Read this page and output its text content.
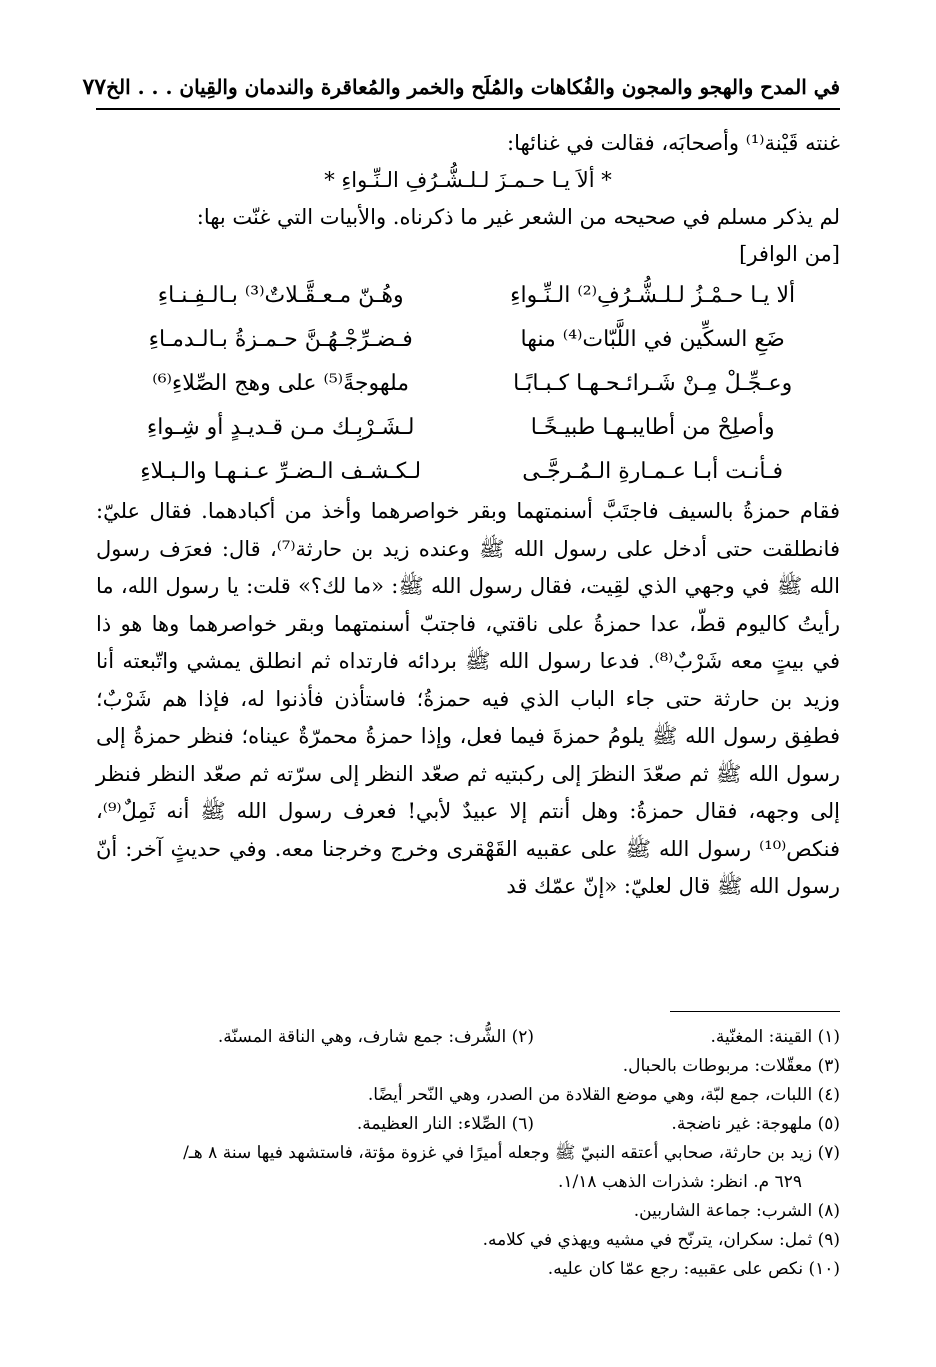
في المدح والهجو والمجون والفُكاهات والمُلَح والخمر والمُعاقرة والندمان والقِيان . . . الخ
٧٧

غنته قَيْنة⁽¹⁾ وأصحابَه، فقالت في غنائها:

* ألاَ يـا حـمـزَ لـلـشُّـرُفِ الـنِّـواءِ *

لم يذكر مسلم في صحيحه من الشعر غير ما ذكرناه. والأبيات التي غنّت بها:

[من الوافر]

ألا يـا حـمْـزُ لـلـشُّـرُفِ⁽²⁾ الـنِّـواءِ	وهُـنّ مـعـقَّـلاتٌ⁽³⁾ بـالـفِـنـاءِ
ضَعِ السكِّين في اللَّبّات⁽⁴⁾ منها	فـضـرِّجْـهُـنَّ حـمـزةُ بـالـدمـاءِ
وعـجِّـلْ مِـنْ شَـرائـحـهـا كـبـابًـا	ملهوجةً⁽⁵⁾ على وهج الصِّلاءِ⁽⁶⁾
وأصلِحْ من أطايبـهـا طبيـخًـا	لـشَـرْبِـك مـن قـديـدٍ أو شِـواءِ
فـأنـت أبـا عـمـارةِ الـمُـرجَّـى	لـكـشـف الـضـرِّ عـنـهـا والـبـلاءِ

فقام حمزةُ بالسيف فاجتَبَّ أسنمتهما وبقر خواصرهما وأخذ من أكبادهما. فقال عليّ: فانطلقت حتى أدخل على رسول الله ﷺ وعنده زيد بن حارثة⁽⁷⁾، قال: فعرَف رسول الله ﷺ في وجهي الذي لقِيت، فقال رسول الله ﷺ: «ما لك؟» قلت: يا رسول الله، ما رأيتُ كاليوم قطّ، عدا حمزةُ على ناقتي، فاجتبّ أسنمتهما وبقر خواصرهما وها هو ذا في بيتٍ معه شَرْبٌ⁽⁸⁾. فدعا رسول الله ﷺ بردائه فارتداه ثم انطلق يمشي واتّبعته أنا وزيد بن حارثة حتى جاء الباب الذي فيه حمزةُ؛ فاستأذن فأذنوا له، فإذا هم شَرْبٌ؛ فطفِق رسول الله ﷺ يلومُ حمزةَ فيما فعل، وإذا حمزةُ محمرّةٌ عيناه؛ فنظر حمزةُ إلى رسول الله ﷺ ثم صعّدَ النظرَ إلى ركبتيه ثم صعّد النظر إلى سرّته ثم صعّد النظر فنظر إلى وجهه، فقال حمزةُ: وهل أنتم إلا عبيدٌ لأبي! فعرف رسول الله ﷺ أنه ثَمِلٌ⁽⁹⁾، فنكص⁽¹⁰⁾ رسول الله ﷺ على عقبيه القَهْقرى وخرج وخرجنا معه. وفي حديثٍ آخر: أنّ رسول الله ﷺ قال لعليّ: «إنّ عمّك قد

(١) القينة: المغنّية.
(٢) الشُّرف: جمع شارف، وهي الناقة المسنّة.
(٣) معقّلات: مربوطات بالحبال.
(٤) اللبات، جمع لبّة، وهي موضع القلادة من الصدر، وهي النّحر أيضًا.
(٥) ملهوجة: غير ناضجة.
(٦) الصِّلاء: النار العظيمة.
(٧) زيد بن حارثة، صحابي أعتقه النبيّ ﷺ وجعله أميرًا في غزوة مؤتة، فاستشهد فيها سنة ٨ هـ/
٦٢٩ م. انظر: شذرات الذهب ١/١٨.
(٨) الشرب: جماعة الشاربين.
(٩) ثمل: سكران، يترنّح في مشيه ويهذي في كلامه.
(١٠) نكص على عقبيه: رجع عمّا كان عليه.
